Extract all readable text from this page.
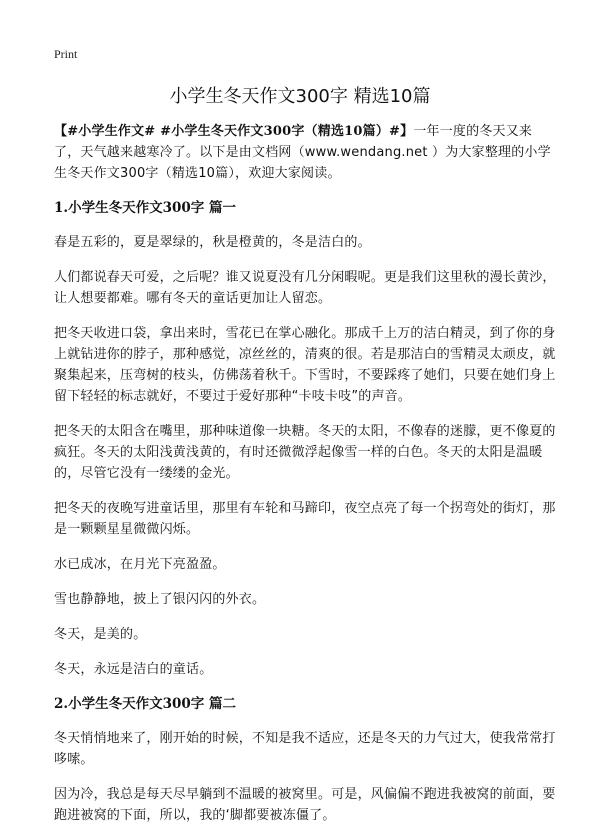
Print
小学生冬天作文300字 精选10篇

【#小学生作文# #小学生冬天作文300字（精选10篇）#】一年一度的冬天又来了，天气越来越寒冷了。以下是由文档网（www.wendang.net ）为大家整理的小学生冬天作文300字（精选10篇），欢迎大家阅读。

1.小学生冬天作文300字 篇一

春是五彩的，夏是翠绿的，秋是橙黄的，冬是洁白的。

人们都说春天可爱，之后呢？谁又说夏没有几分闲暇呢。更是我们这里秋的漫长黄沙，让人想要都难。哪有冬天的童话更加让人留恋。

把冬天收进口袋，拿出来时，雪花已在掌心融化。那成千上万的洁白精灵，到了你的身上就钻进你的脖子，那种感觉，凉丝丝的，清爽的很。若是那洁白的雪精灵太顽皮，就聚集起来，压弯树的枝头，仿佛荡着秋千。下雪时，不要踩疼了她们，只要在她们身上留下轻轻的标志就好，不要过于爱好那种“卡吱卡吱”的声音。

把冬天的太阳含在嘴里，那种味道像一块糖。冬天的太阳，不像春的迷朦，更不像夏的疯狂。冬天的太阳浅黄浅黄的，有时还微微浮起像雪一样的白色。冬天的太阳是温暖的，尽管它没有一缕缕的金光。

把冬天的夜晚写进童话里，那里有车轮和马蹄印，夜空点亮了每一个拐弯处的街灯，那是一颗颗星星微微闪烁。

水已成冰，在月光下亮盈盈。

雪也静静地，披上了银闪闪的外衣。

冬天，是美的。

冬天，永远是洁白的童话。

2.小学生冬天作文300字 篇二

冬天悄悄地来了，刚开始的时候，不知是我不适应，还是冬天的力气过大，使我常常打哆嗦。

因为冷，我总是每天尽早躺到不温暖的被窝里。可是，风偏偏不跑进我被窝的前面，要跑进被窝的下面，所以，我的‘脚都要被冻僵了。
